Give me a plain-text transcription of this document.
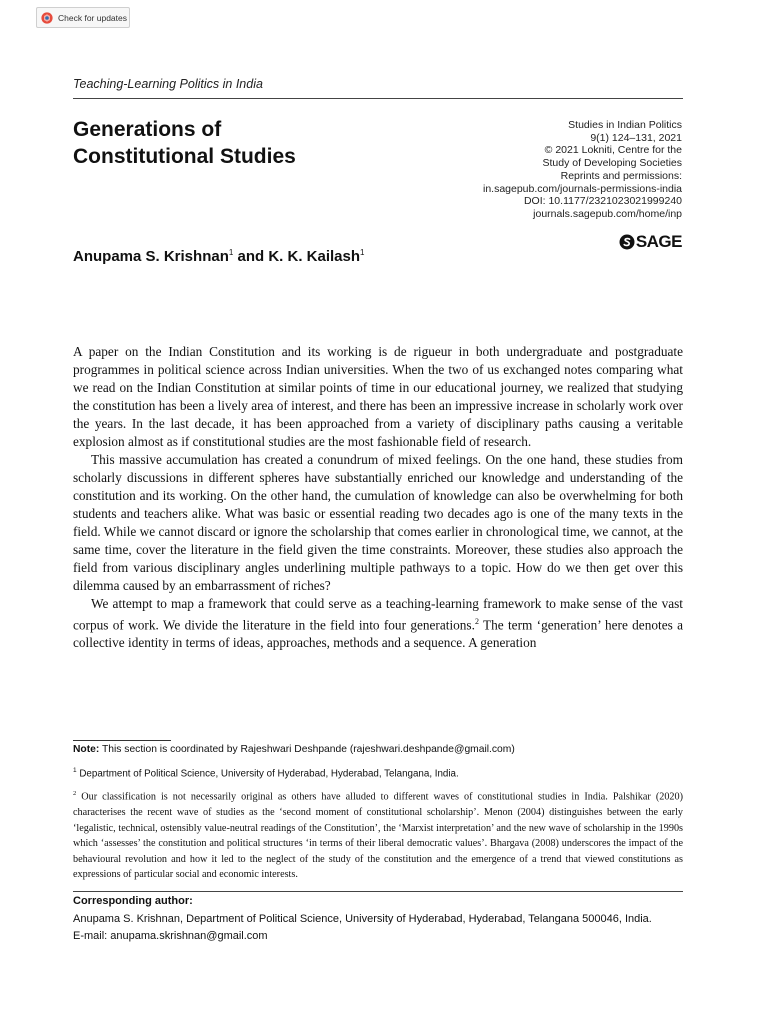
Check for updates
Teaching-Learning Politics in India
Generations of
Constitutional Studies
Studies in Indian Politics
9(1) 124–131, 2021
© 2021 Lokniti, Centre for the
Study of Developing Societies
Reprints and permissions:
in.sagepub.com/journals-permissions-india
DOI: 10.1177/2321023021999240
journals.sagepub.com/home/inp
SAGE
Anupama S. Krishnan$^1$ and K. K. Kailash$^1$

A paper on the Indian Constitution and its working is de rigueur in both undergraduate and postgraduate programmes in political science across Indian universities. When the two of us exchanged notes comparing what we read on the Indian Constitution at similar points of time in our educational journey, we realized that studying the constitution has been a lively area of interest, and there has been an impressive increase in scholarly work over the years. In the last decade, it has been approached from a variety of disciplinary paths causing a veritable explosion almost as if constitutional studies are the most fashionable field of research.

This massive accumulation has created a conundrum of mixed feelings. On the one hand, these studies from scholarly discussions in different spheres have substantially enriched our knowledge and understanding of the constitution and its working. On the other hand, the cumulation of knowledge can also be overwhelming for both students and teachers alike. What was basic or essential reading two decades ago is one of the many texts in the field. While we cannot discard or ignore the scholarship that comes earlier in chronological time, we cannot, at the same time, cover the literature in the field given the time constraints. Moreover, these studies also approach the field from various disciplinary angles underlining multiple pathways to a topic. How do we then get over this dilemma caused by an embarrassment of riches?

We attempt to map a framework that could serve as a teaching-learning framework to make sense of the vast corpus of work. We divide the literature in the field into four generations.$^2$ The term ‘generation’ here denotes a collective identity in terms of ideas, approaches, methods and a sequence. A generation

Note: This section is coordinated by Rajeshwari Deshpande (rajeshwari.deshpande@gmail.com)
$^1$ Department of Political Science, University of Hyderabad, Hyderabad, Telangana, India.
$^2$ Our classification is not necessarily original as others have alluded to different waves of constitutional studies in India. Palshikar (2020) characterises the recent wave of studies as the ‘second moment of constitutional scholarship’. Menon (2004) distinguishes between the early ‘legalistic, technical, ostensibly value-neutral readings of the Constitution’, the ‘Marxist interpretation’ and the new wave of scholarship in the 1990s which ‘assesses’ the constitution and political structures ‘in terms of their liberal democratic values’. Bhargava (2008) underscores the impact of the behavioural revolution and how it led to the neglect of the study of the constitution and the emergence of a trend that viewed constitutions as expressions of particular social and economic interests.
Corresponding author:
Anupama S. Krishnan, Department of Political Science, University of Hyderabad, Hyderabad, Telangana 500046, India.
E-mail: anupama.skrishnan@gmail.com
